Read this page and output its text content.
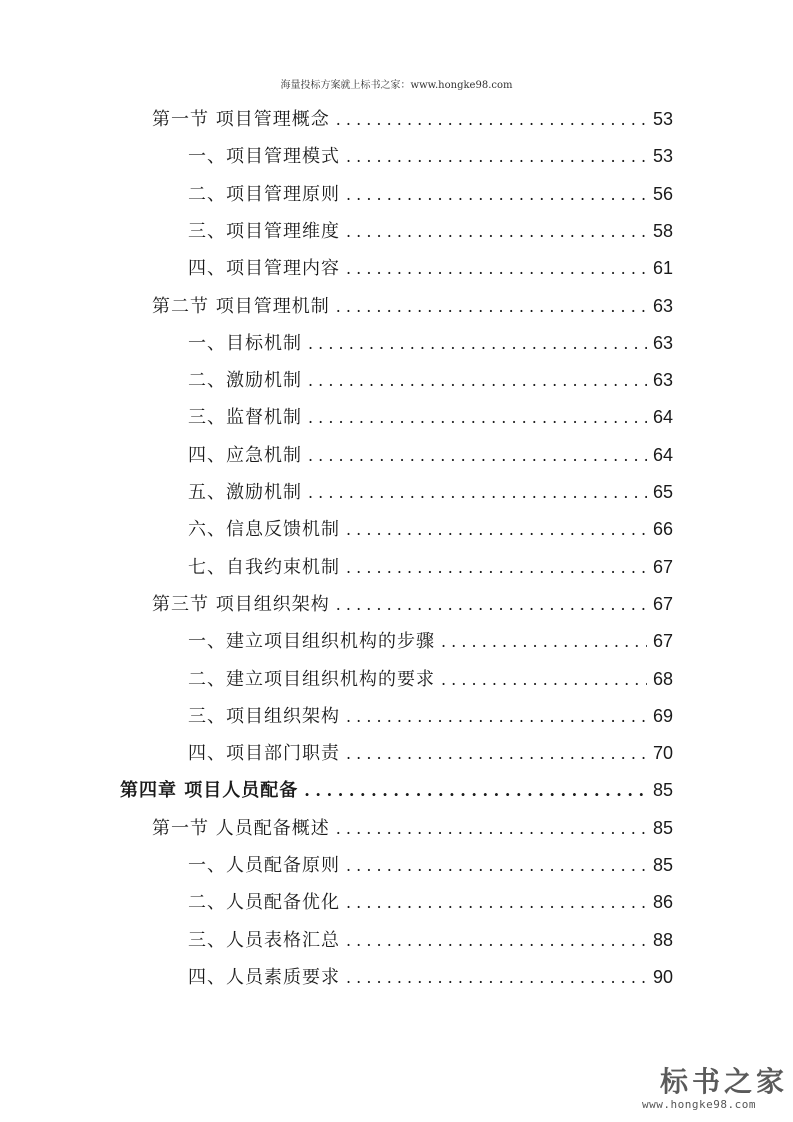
海量投标方案就上标书之家：www.hongke98.com
第一节 项目管理概念 . . .	53
一、项目管理模式 . . .	53
二、项目管理原则 . . .	56
三、项目管理维度 . . .	58
四、项目管理内容 . . .	61
第二节 项目管理机制 . . .	63
一、目标机制 . . .	63
二、激励机制 . . .	63
三、监督机制 . . .	64
四、应急机制 . . .	64
五、激励机制 . . .	65
六、信息反馈机制 . . .	66
七、自我约束机制 . . .	67
第三节 项目组织架构 . . .	67
一、建立项目组织机构的步骤 . . .	67
二、建立项目组织机构的要求 . . .	68
三、项目组织架构 . . .	69
四、项目部门职责 . . .	70
第四章 项目人员配备 . . .	85
第一节 人员配备概述 . . .	85
一、人员配备原则 . . .	85
二、人员配备优化 . . .	86
三、人员表格汇总 . . .	88
四、人员素质要求 . . .	90
标书之家
www.hongke98.com
